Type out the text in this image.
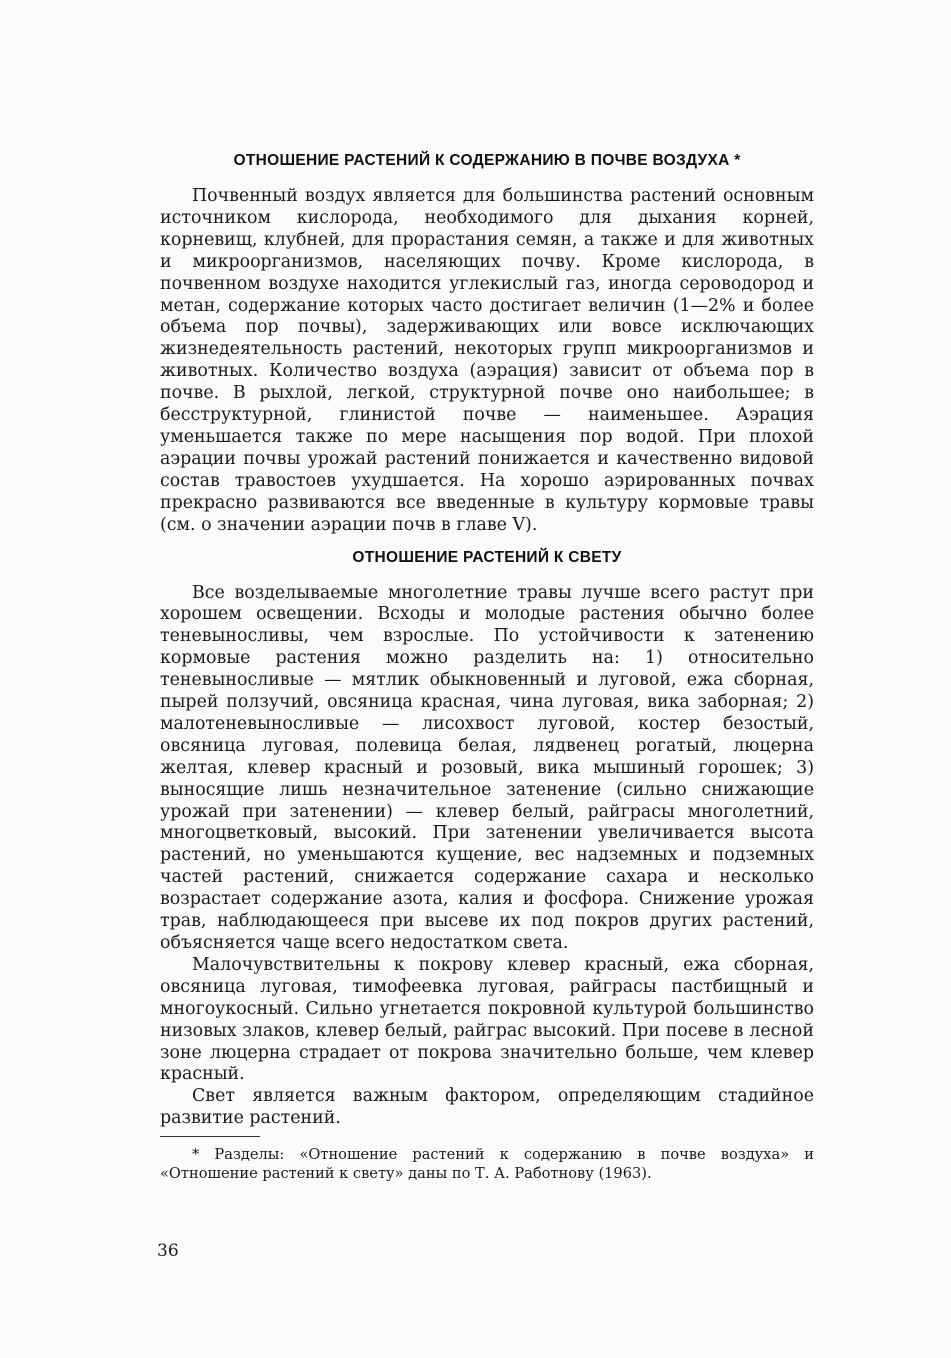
ОТНОШЕНИЕ РАСТЕНИЙ К СОДЕРЖАНИЮ В ПОЧВЕ ВОЗДУХА *

Почвенный воздух является для большинства растений основным источником кислорода, необходимого для дыхания корней, корневищ, клубней, для прорастания семян, а также и для животных и микроорганизмов, населяющих почву. Кроме кислорода, в почвенном воздухе находится углекислый газ, иногда сероводород и метан, содержание которых часто достигает величин (1—2% и более объема пор почвы), задерживающих или вовсе исключающих жизнедеятельность растений, некоторых групп микроорганизмов и животных. Количество воздуха (аэрация) зависит от объема пор в почве. В рыхлой, легкой, структурной почве оно наибольшее; в бесструктурной, глинистой почве — наименьшее. Аэрация уменьшается также по мере насыщения пор водой. При плохой аэрации почвы урожай растений понижается и качественно видовой состав травостоев ухудшается. На хорошо аэрированных почвах прекрасно развиваются все введенные в культуру кормовые травы (см. о значении аэрации почв в главе V).

ОТНОШЕНИЕ РАСТЕНИЙ К СВЕТУ

Все возделываемые многолетние травы лучше всего растут при хорошем освещении. Всходы и молодые растения обычно более теневыносливы, чем взрослые. По устойчивости к затенению кормовые растения можно разделить на: 1) относительно теневыносливые — мятлик обыкновенный и луговой, ежа сборная, пырей ползучий, овсяница красная, чина луговая, вика заборная; 2) малотеневыносливые — лисохвост луговой, костер безостый, овсяница луговая, полевица белая, лядвенец рогатый, люцерна желтая, клевер красный и розовый, вика мышиный горошек; 3) выносящие лишь незначительное затенение (сильно снижающие урожай при затенении) — клевер белый, райграсы многолетний, многоцветковый, высокий. При затенении увеличивается высота растений, но уменьшаются кущение, вес надземных и подземных частей растений, снижается содержание сахара и несколько возрастает содержание азота, калия и фосфора. Снижение урожая трав, наблюдающееся при высеве их под покров других растений, объясняется чаще всего недостатком света.

Малочувствительны к покрову клевер красный, ежа сборная, овсяница луговая, тимофеевка луговая, райграсы пастбищный и многоукосный. Сильно угнетается покровной культурой большинство низовых злаков, клевер белый, райграс высокий. При посеве в лесной зоне люцерна страдает от покрова значительно больше, чем клевер красный.

Свет является важным фактором, определяющим стадийное развитие растений.

* Разделы: «Отношение растений к содержанию в почве воздуха» и «Отношение растений к свету» даны по Т. А. Работнову (1963).

36
